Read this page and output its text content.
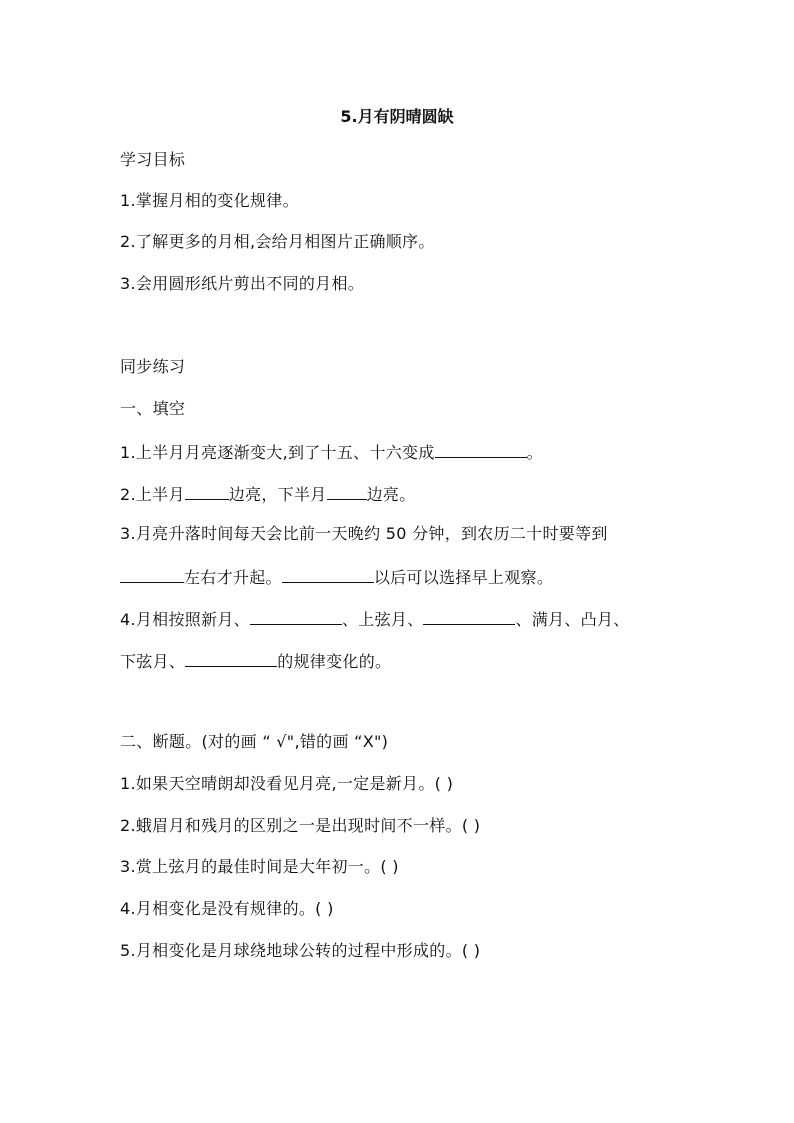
5.月有阴晴圆缺
学习目标
1.掌握月相的变化规律。
2.了解更多的月相,会给月相图片正确顺序。
3.会用圆形纸片剪出不同的月相。
同步练习
一、填空
1.上半月月亮逐渐变大,到了十五、十六变成	。
2.上半月	边亮，下半月	边亮。
3.月亮升落时间每天会比前一天晚约 50 分钟，到农历二十时要等到
左右才升起。	以后可以选择早上观察。
4.月相按照新月、	、上弦月、	、满月、凸月、
下弦月、	的规律变化的。
二、断题。(对的画 “ √",错的画 “X")
1.如果天空晴朗却没看见月亮,一定是新月。( )
2.蛾眉月和残月的区别之一是出现时间不一样。( )
3.赏上弦月的最佳时间是大年初一。( )
4.月相变化是没有规律的。( )
5.月相变化是月球绕地球公转的过程中形成的。( )
